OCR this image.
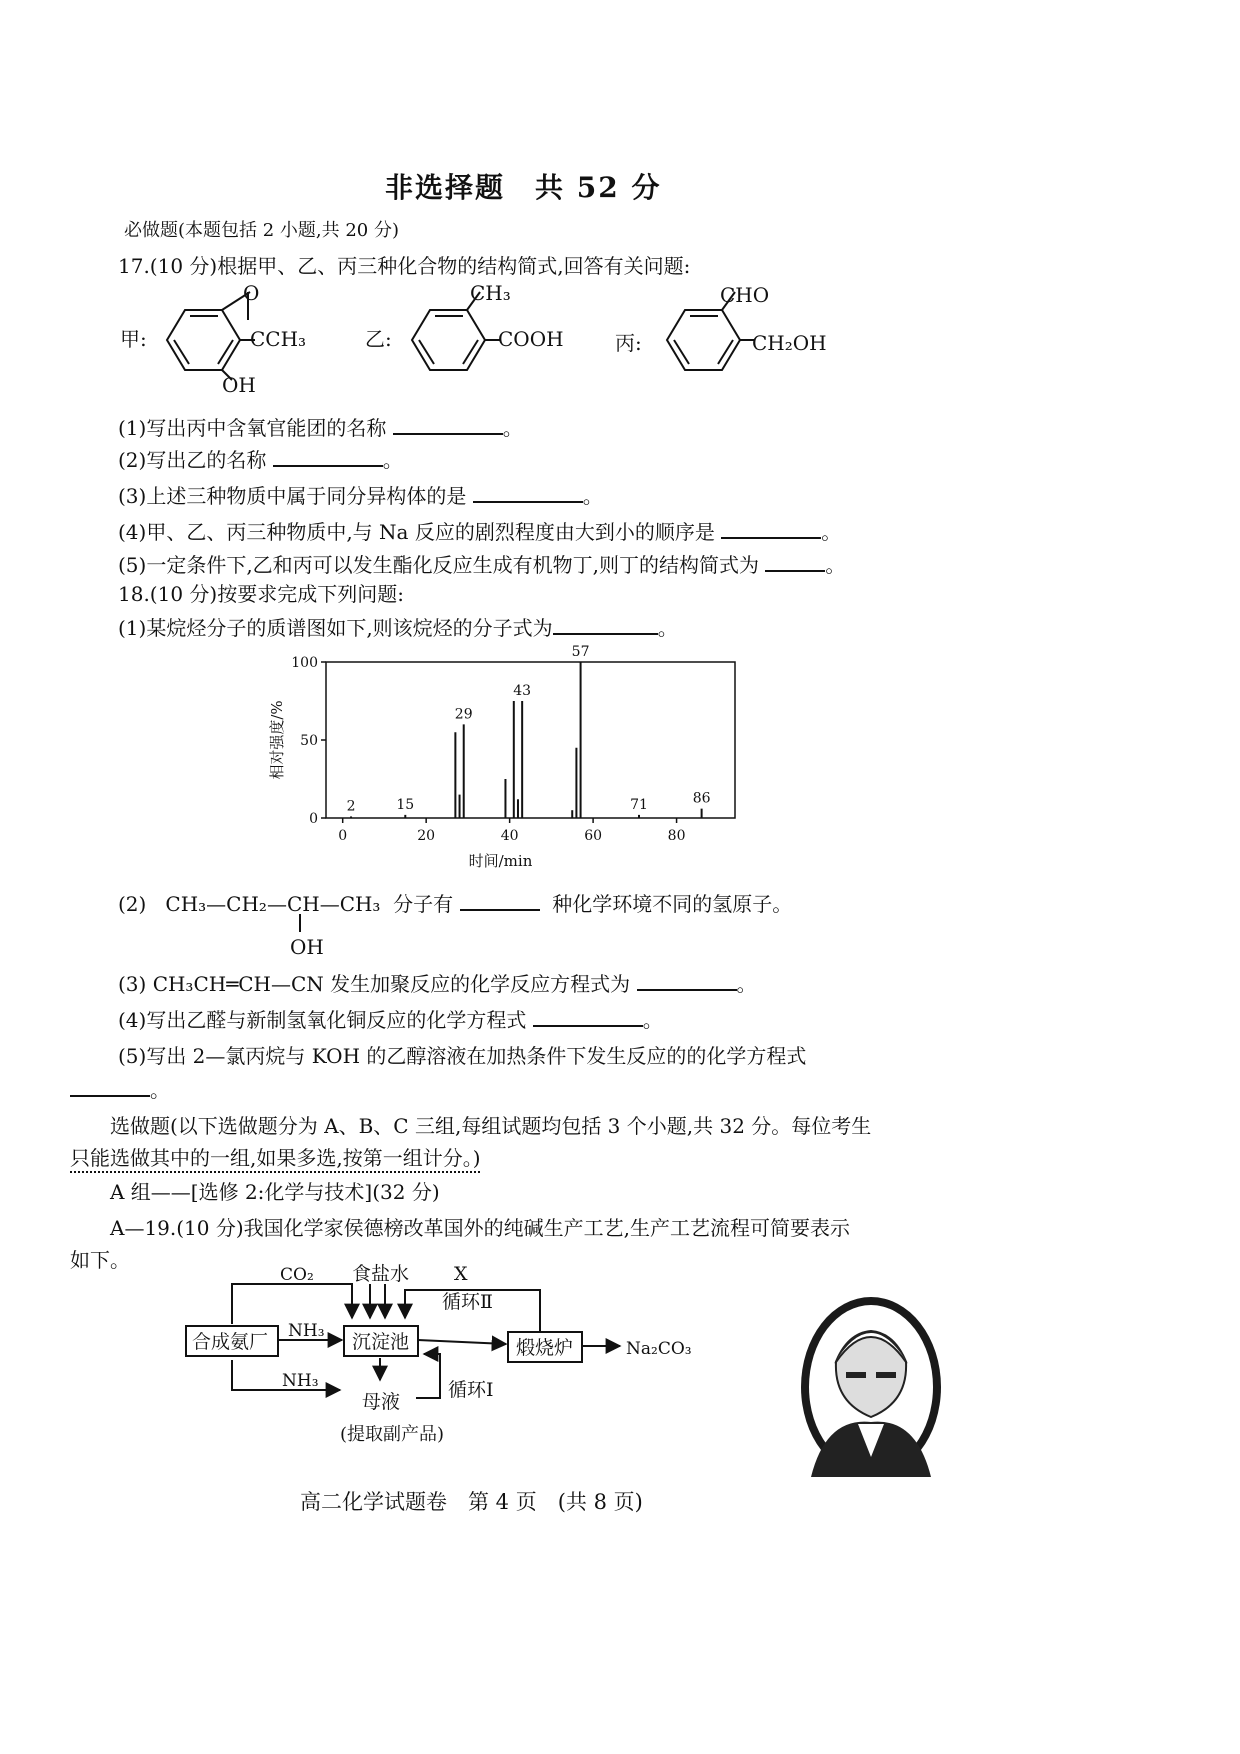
非选择题　共 52 分
必做题(本题包括 2 小题,共 20 分)
17.(10 分)根据甲、乙、丙三种化合物的结构简式,回答有关问题:
甲:
O
CCH₃
OH
乙:
CH₃
COOH	丙:
CHO
CH₂OH
(1)写出丙中含氧官能团的名称	。
(2)写出乙的名称	。
(3)上述三种物质中属于同分异构体的是	。
(4)甲、乙、丙三种物质中,与 Na 反应的剧烈程度由大到小的顺序是	。
(5)一定条件下,乙和丙可以发生酯化反应生成有机物丁,则丁的结构简式为	。
18.(10 分)按要求完成下列问题:
(1)某烷烃分子的质谱图如下,则该烷烃的分子式为	。
0
50
100
0	20	40	60	80
2	15
29
43
57
71	86
时间/min
相对强度/%
(2) CH₃—CH₂—CH—CH₃ 分子有	种化学环境不同的氢原子。
OH
(3) CH₃CH═CH—CN 发生加聚反应的化学反应方程式为	。
(4)写出乙醛与新制氢氧化铜反应的化学方程式	。
(5)写出 2—氯丙烷与 KOH 的乙醇溶液在加热条件下发生反应的的化学方程式
。
选做题(以下选做题分为 A、B、C 三组,每组试题均包括 3 个小题,共 32 分。每位考生
只能选做其中的一组,如果多选,按第一组计分。)
A 组——[选修 2:化学与技术](32 分)
A—19.(10 分)我国化学家侯德榜改革国外的纯碱生产工艺,生产工艺流程可简要表示
如下。
CO₂ 食盐水 X
循环Ⅱ
NH₃
Na₂CO₃
NH₃
母液
循环Ⅰ
(提取副产品)
合成氨厂	沉淀池	煅烧炉
高二化学试题卷　第 4 页　(共 8 页)
